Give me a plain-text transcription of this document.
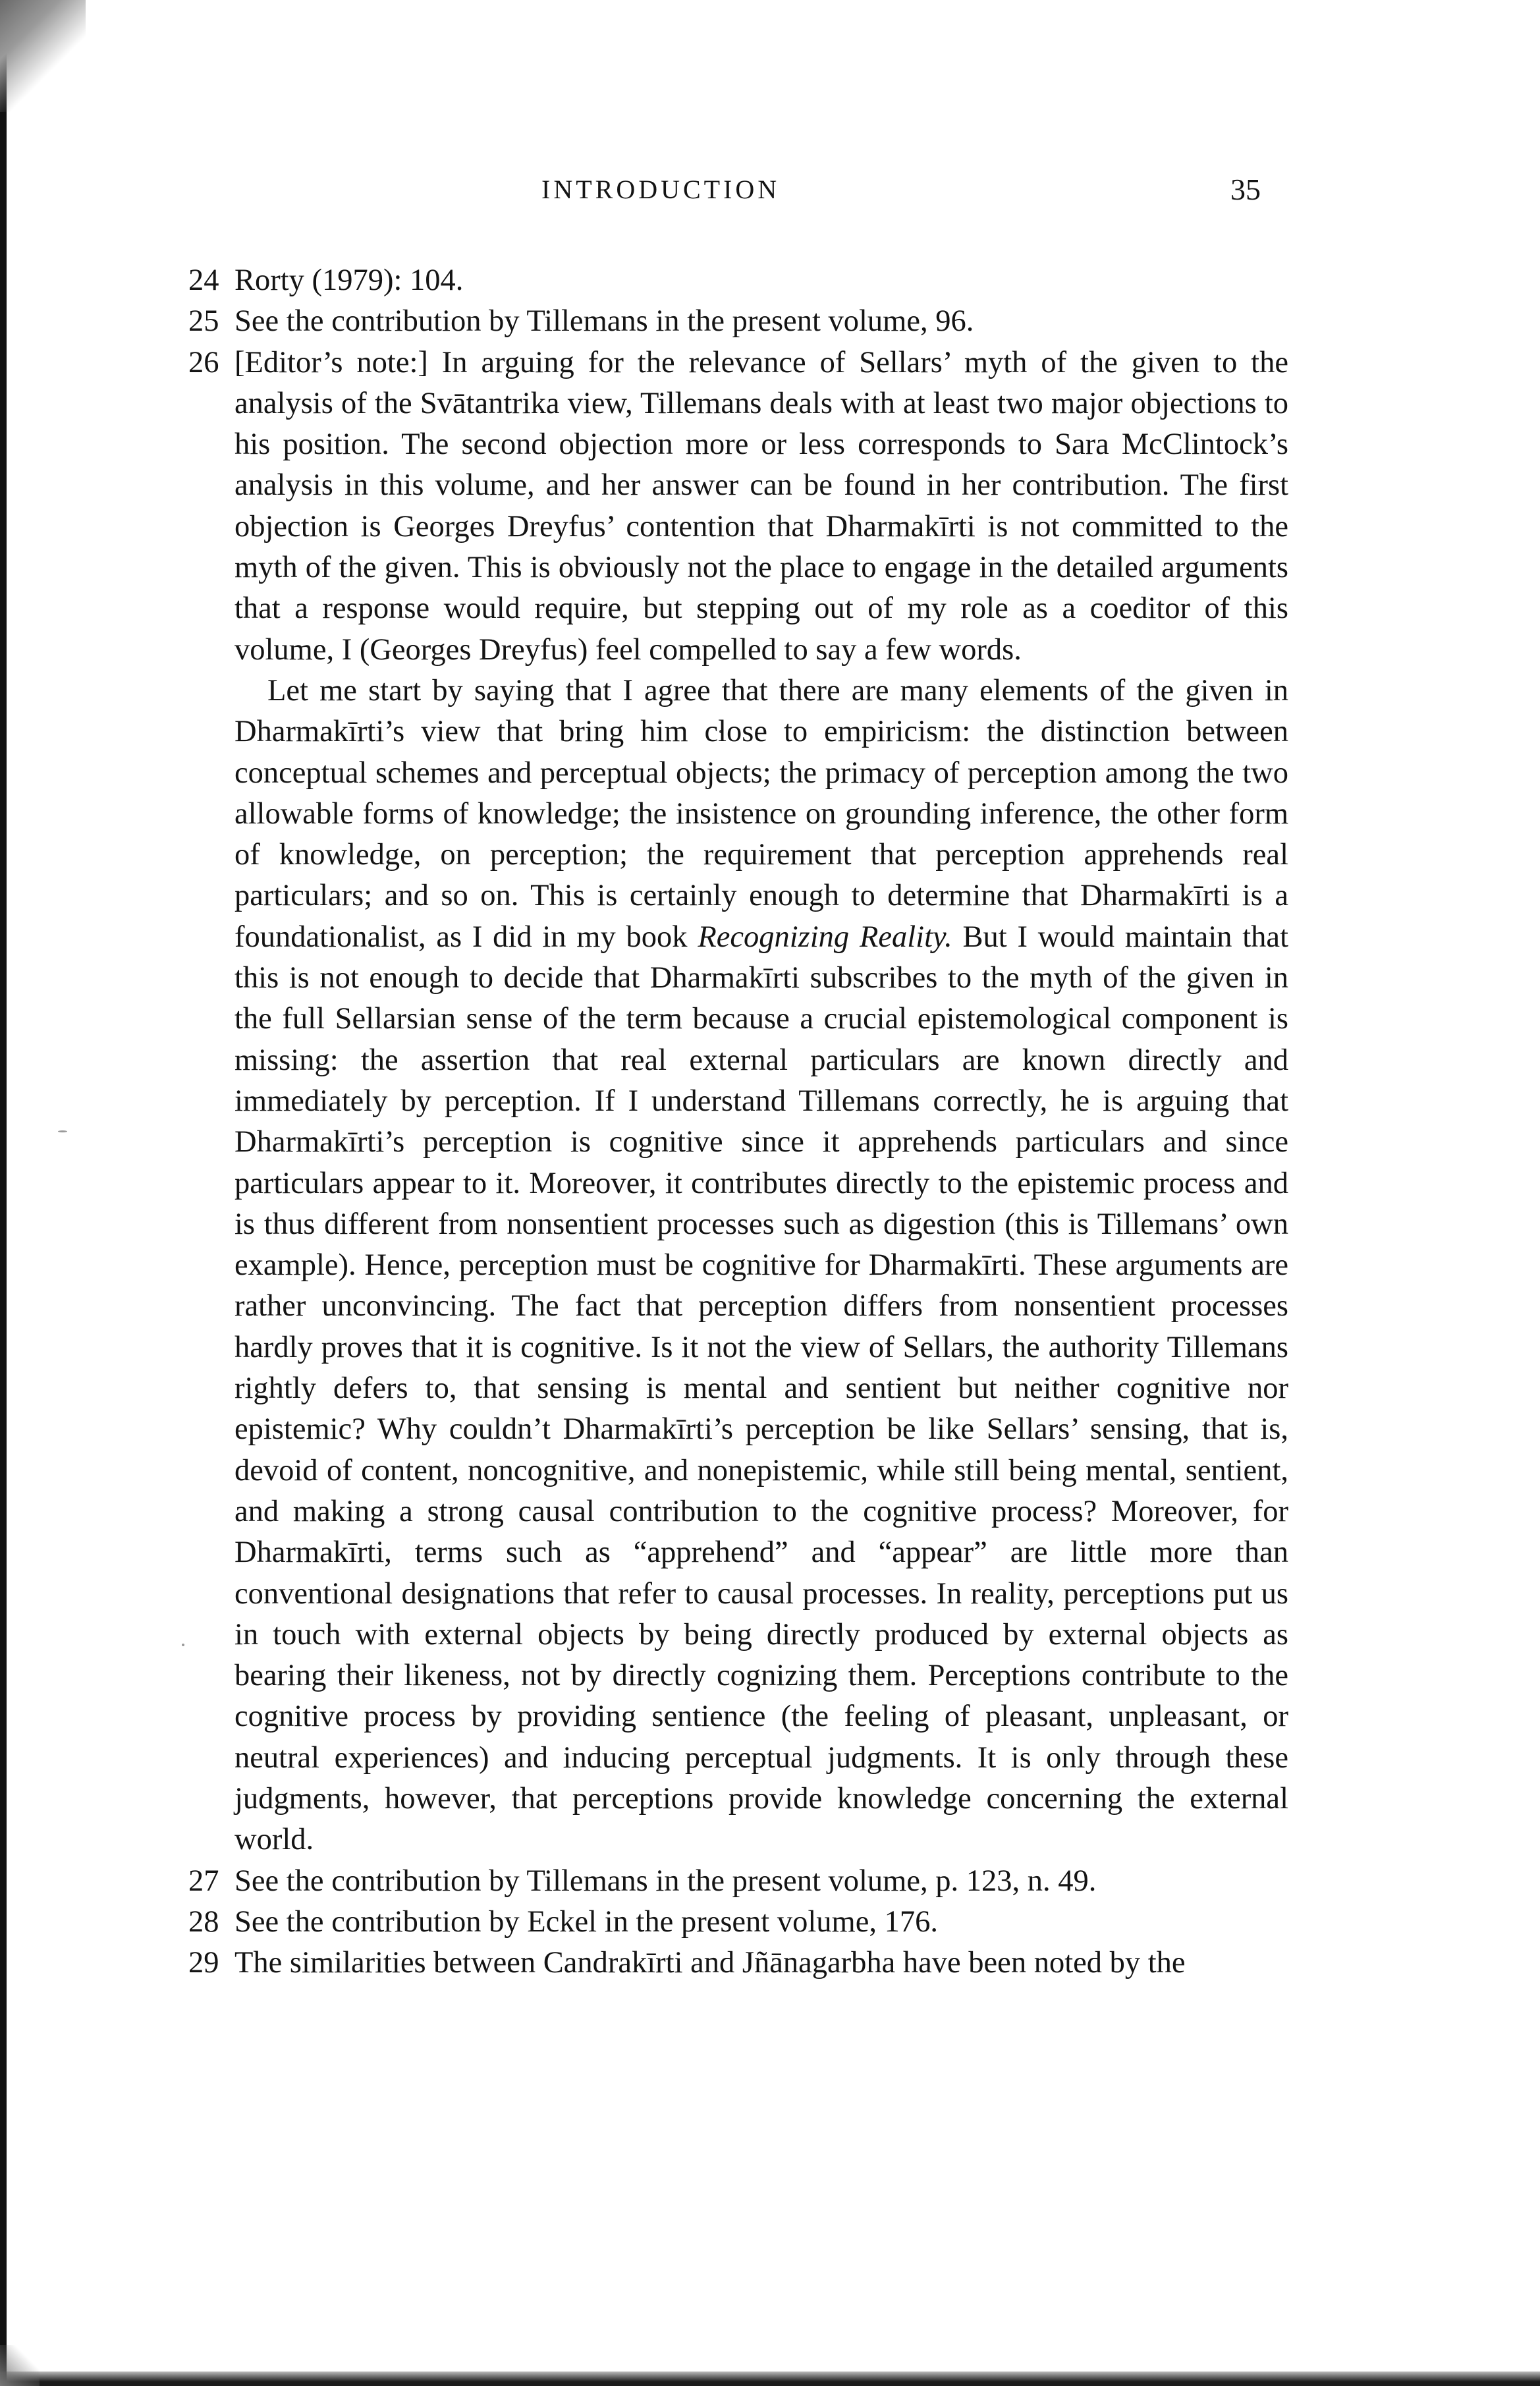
INTRODUCTION	35
24 Rorty (1979): 104.

25 See the contribution by Tillemans in the present volume, 96.

26 [Editor’s note:] In arguing for the relevance of Sellars’ myth of the given to the analysis of the Svātantrika view, Tillemans deals with at least two major objections to his position. The second objection more or less corresponds to Sara McClintock’s analysis in this volume, and her answer can be found in her contribution. The first objection is Georges Dreyfus’ contention that Dharmakīrti is not committed to the myth of the given. This is obviously not the place to engage in the detailed arguments that a response would require, but stepping out of my role as a coeditor of this volume, I (Georges Dreyfus) feel compelled to say a few words.

Let me start by saying that I agree that there are many elements of the given in Dharmakīrti’s view that bring him close to empiricism: the distinction between conceptual schemes and perceptual objects; the primacy of perception among the two allowable forms of knowledge; the insistence on grounding inference, the other form of knowledge, on perception; the requirement that perception apprehends real particulars; and so on. This is certainly enough to determine that Dharmakīrti is a foundationalist, as I did in my book Recognizing Reality. But I would maintain that this is not enough to decide that Dharmakīrti subscribes to the myth of the given in the full Sellarsian sense of the term because a crucial epistemological component is missing: the assertion that real external particulars are known directly and immediately by perception. If I understand Tillemans correctly, he is arguing that Dharmakīrti’s perception is cognitive since it apprehends particulars and since particulars appear to it. Moreover, it contributes directly to the epistemic process and is thus different from nonsentient processes such as digestion (this is Tillemans’ own example). Hence, perception must be cognitive for Dharmakīrti. These arguments are rather unconvincing. The fact that perception differs from nonsentient processes hardly proves that it is cognitive. Is it not the view of Sellars, the authority Tillemans rightly defers to, that sensing is mental and sentient but neither cognitive nor epistemic? Why couldn’t Dharmakīrti’s perception be like Sellars’ sensing, that is, devoid of content, noncognitive, and nonepistemic, while still being mental, sentient, and making a strong causal contribution to the cognitive process? Moreover, for Dharmakīrti, terms such as “apprehend” and “appear” are little more than conventional designations that refer to causal processes. In reality, perceptions put us in touch with external objects by being directly produced by external objects as bearing their likeness, not by directly cognizing them. Perceptions contribute to the cognitive process by providing sentience (the feeling of pleasant, unpleasant, or neutral experiences) and inducing perceptual judgments. It is only through these judgments, however, that perceptions provide knowledge concerning the external world.

27 See the contribution by Tillemans in the present volume, p. 123, n. 49.

28 See the contribution by Eckel in the present volume, 176.

29 The similarities between Candrakīrti and Jñānagarbha have been noted by the
